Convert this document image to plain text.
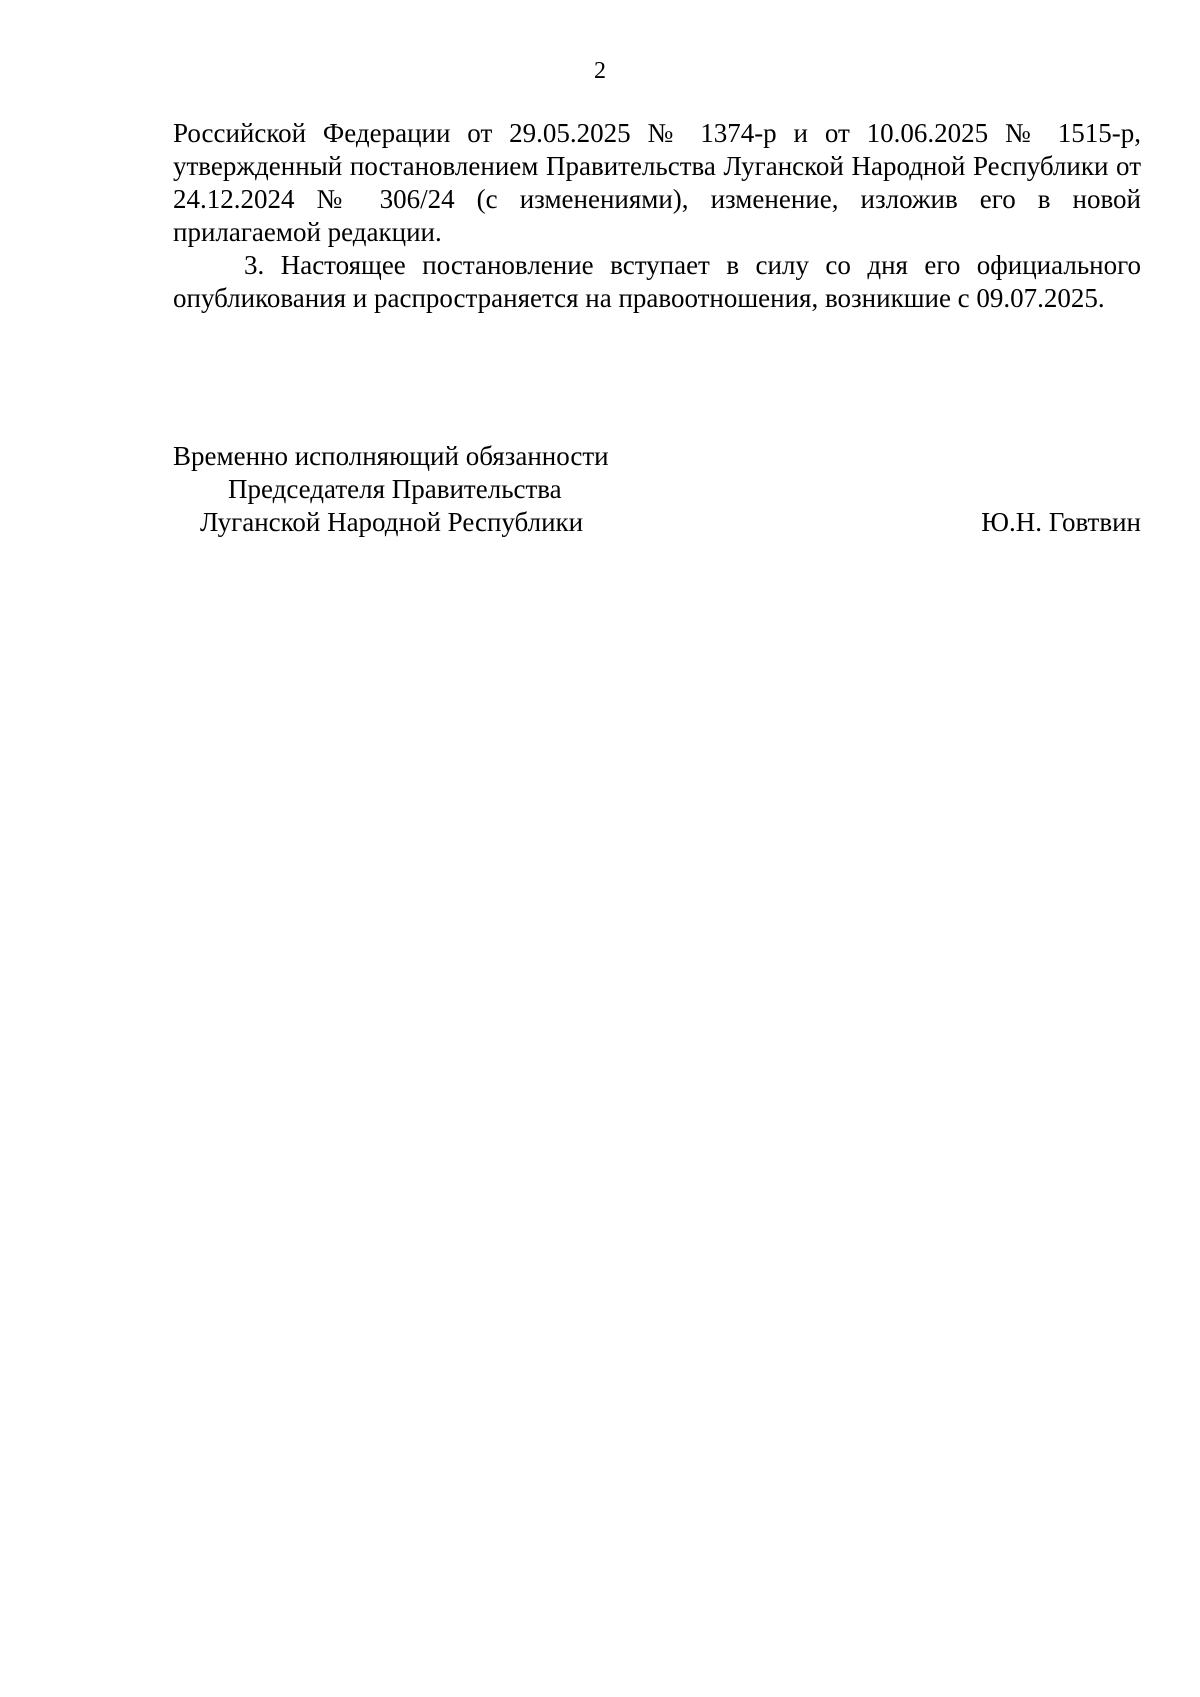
2

Российской Федерации от 29.05.2025 № 1374-р и от 10.06.2025 № 1515-р, утвержденный постановлением Правительства Луганской Народной Республики от 24.12.2024 № 306/24 (с изменениями), изменение, изложив его в новой прилагаемой редакции.

3. Настоящее постановление вступает в силу со дня его официального опубликования и распространяется на правоотношения, возникшие с 09.07.2025.

Временно исполняющий обязанности
Председателя Правительства
Луганской Народной Республики	Ю.Н. Говтвин
